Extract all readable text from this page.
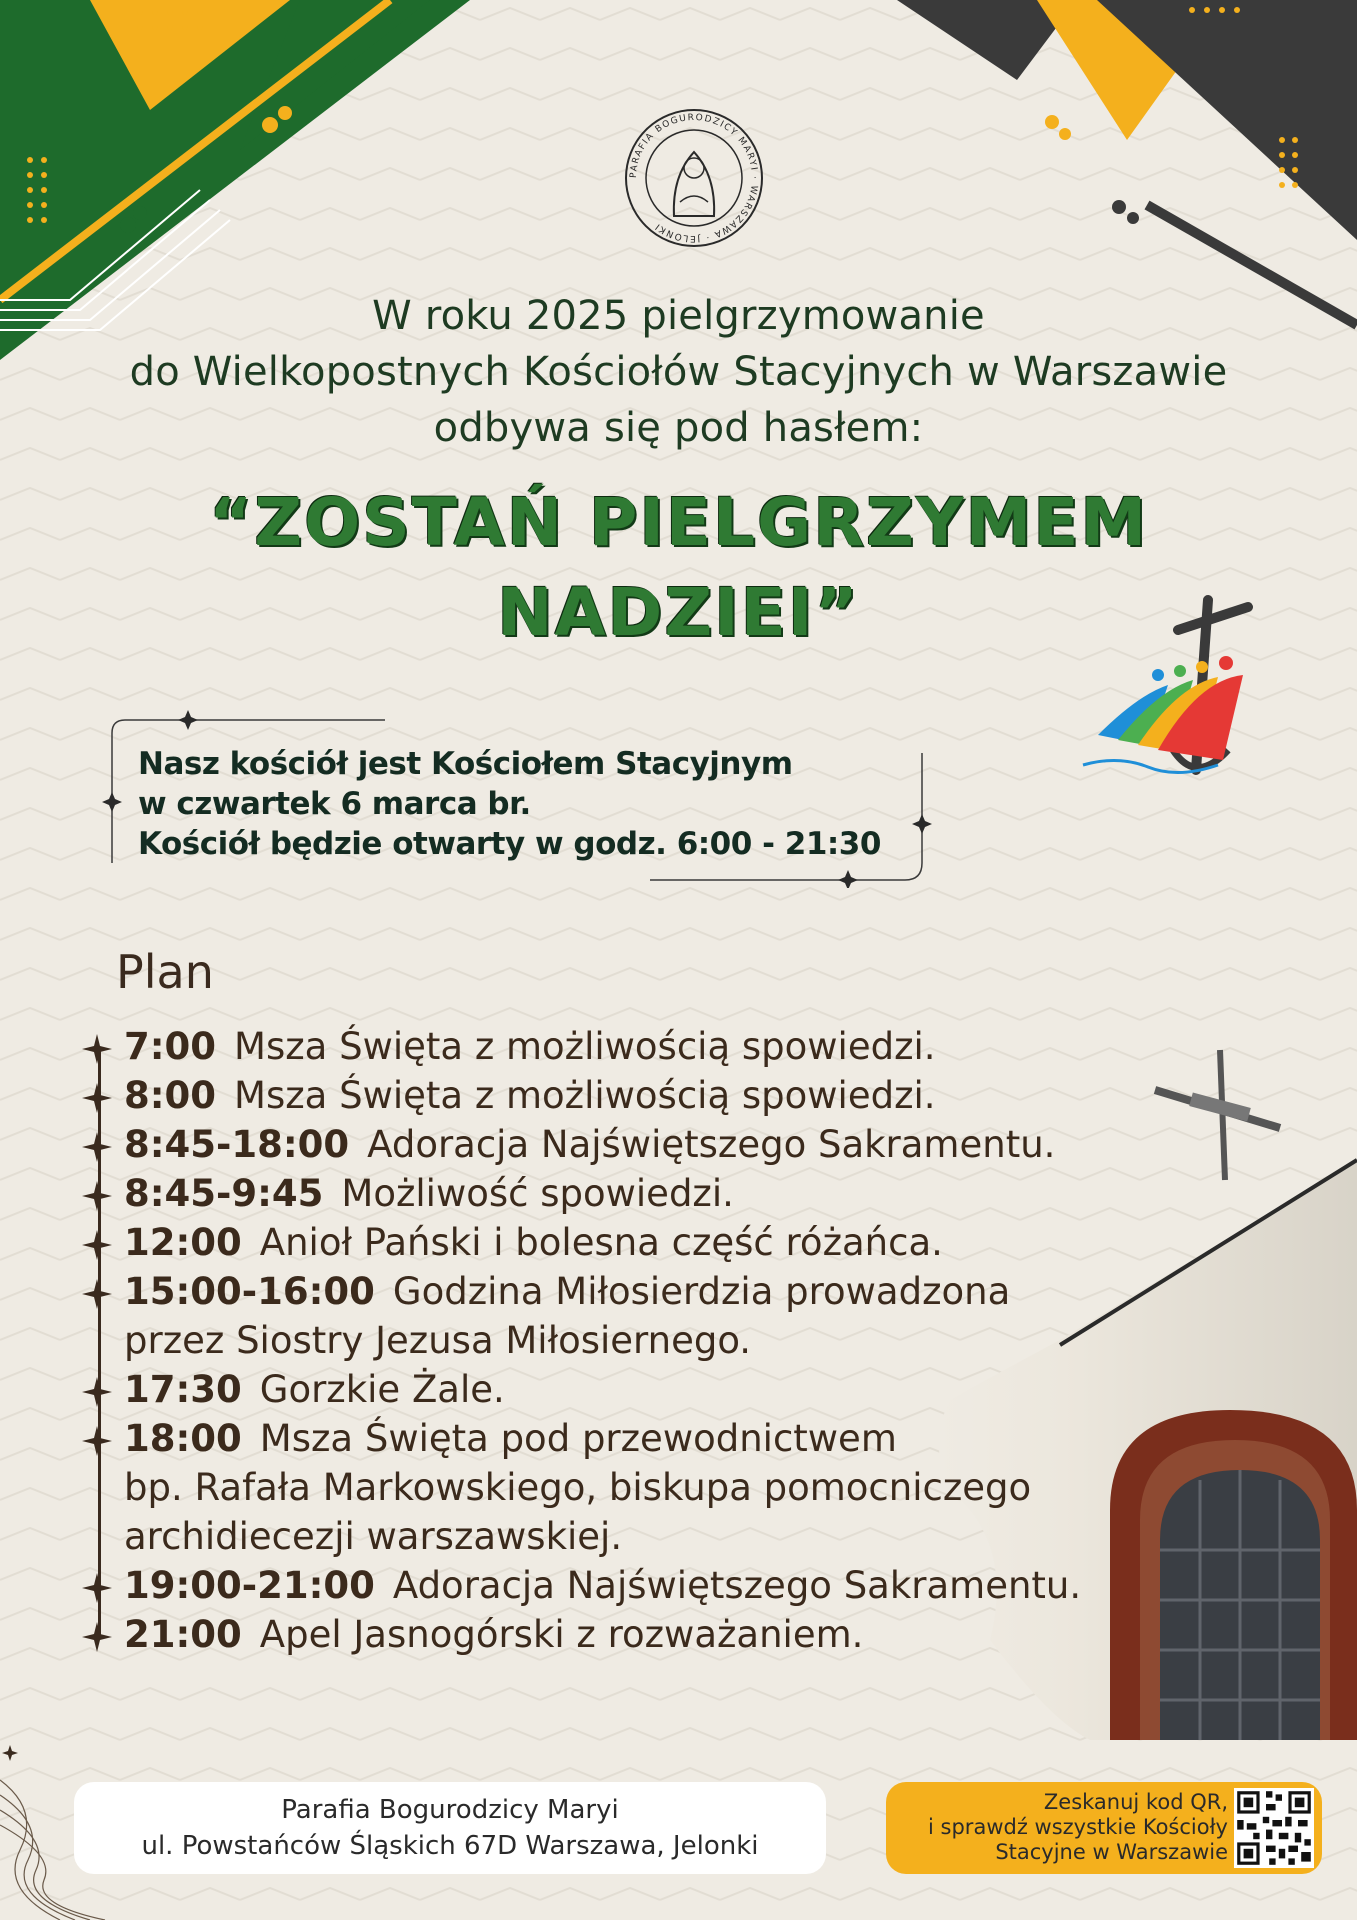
PARAFIA BOGURODZICY MARYI · WARSZAWA · JELONKI
W roku 2025 pielgrzymowanie
do Wielkopostnych Kościołów Stacyjnych w Warszawie
odbywa się pod hasłem:
“ZOSTAŃ PIELGRZYMEM NADZIEI”
Nasz kościół jest Kościołem Stacyjnym
w czwartek 6 marca br.
Kościół będzie otwarty w godz. 6:00 - 21:30
Plan
7:00 Msza Święta z możliwością spowiedzi.
8:00 Msza Święta z możliwością spowiedzi.
8:45-18:00 Adoracja Najświętszego Sakramentu.
8:45-9:45 Możliwość spowiedzi.
12:00 Anioł Pański i bolesna część różańca.
15:00-16:00 Godzina Miłosierdzia prowadzona
przez Siostry Jezusa Miłosiernego.
17:30 Gorzkie Żale.
18:00 Msza Święta pod przewodnictwem
bp. Rafała Markowskiego, biskupa pomocniczego
archidiecezji warszawskiej.
19:00-21:00 Adoracja Najświętszego Sakramentu.
21:00 Apel Jasnogórski z rozważaniem.
Parafia Bogurodzicy Maryi
ul. Powstańców Śląskich 67D Warszawa, Jelonki
Zeskanuj kod QR,
i sprawdź wszystkie Kościoły
Stacyjne w Warszawie
